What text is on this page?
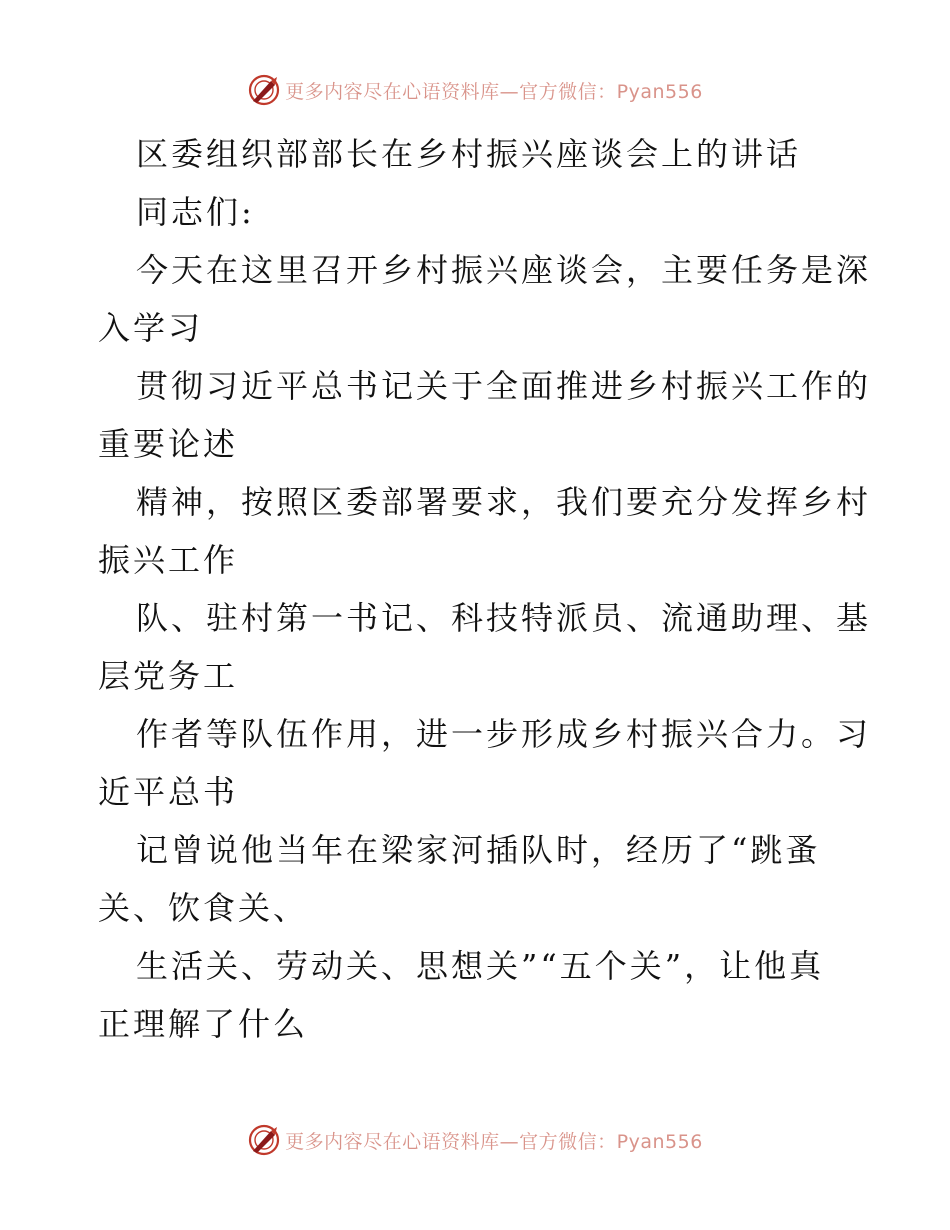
更多内容尽在心语资料库—官方微信：Pyan556
区委组织部部长在乡村振兴座谈会上的讲话
同志们:
今天在这里召开乡村振兴座谈会，主要任务是深
入学习
贯彻习近平总书记关于全面推进乡村振兴工作的
重要论述
精神，按照区委部署要求，我们要充分发挥乡村
振兴工作
队、驻村第一书记、科技特派员、流通助理、基
层党务工
作者等队伍作用，进一步形成乡村振兴合力。习
近平总书
记曾说他当年在梁家河插队时，经历了“跳蚤
关、饮食关、
生活关、劳动关、思想关”“五个关”，让他真
正理解了什么
更多内容尽在心语资料库—官方微信：Pyan556
